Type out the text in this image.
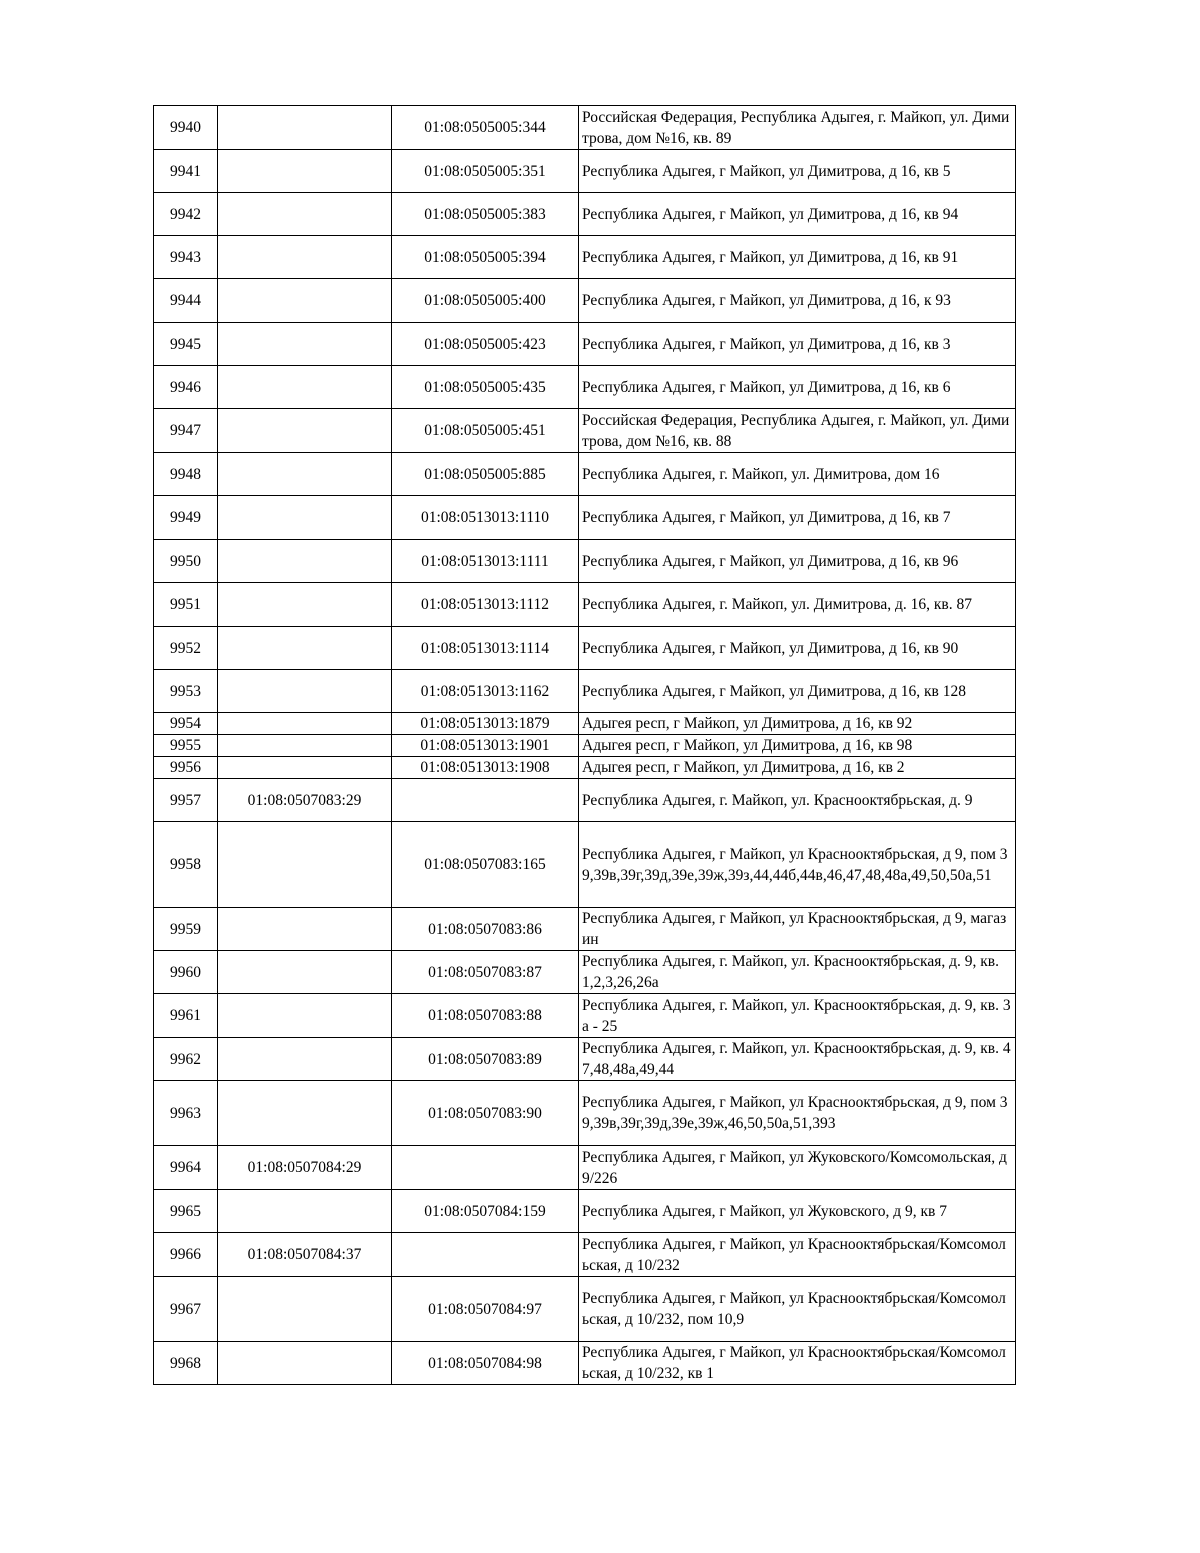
9940		01:08:0505005:344	Российская Федерация, Республика Адыгея, г. Майкоп, ул. Димитрова, дом №16, кв. 89
9941		01:08:0505005:351	Республика Адыгея, г Майкоп, ул Димитрова, д 16, кв 5
9942		01:08:0505005:383	Республика Адыгея, г Майкоп, ул Димитрова, д 16, кв 94
9943		01:08:0505005:394	Республика Адыгея, г Майкоп, ул Димитрова, д 16, кв 91
9944		01:08:0505005:400	Республика Адыгея, г Майкоп, ул Димитрова, д 16, к 93
9945		01:08:0505005:423	Республика Адыгея, г Майкоп, ул Димитрова, д 16, кв 3
9946		01:08:0505005:435	Республика Адыгея, г Майкоп, ул Димитрова, д 16, кв 6
9947		01:08:0505005:451	Российская Федерация, Республика Адыгея, г. Майкоп, ул. Димитрова, дом №16, кв. 88
9948		01:08:0505005:885	Республика Адыгея, г. Майкоп, ул. Димитрова, дом 16
9949		01:08:0513013:1110	Республика Адыгея, г Майкоп, ул Димитрова, д 16, кв 7
9950		01:08:0513013:1111	Республика Адыгея, г Майкоп, ул Димитрова, д 16, кв 96
9951		01:08:0513013:1112	Республика Адыгея, г. Майкоп, ул. Димитрова, д. 16, кв. 87
9952		01:08:0513013:1114	Республика Адыгея, г Майкоп, ул Димитрова, д 16, кв 90
9953		01:08:0513013:1162	Республика Адыгея, г Майкоп, ул Димитрова, д 16, кв 128
9954		01:08:0513013:1879	Адыгея респ, г Майкоп, ул Димитрова, д 16, кв 92
9955		01:08:0513013:1901	Адыгея респ, г Майкоп, ул Димитрова, д 16, кв 98
9956		01:08:0513013:1908	Адыгея респ, г Майкоп, ул Димитрова, д 16, кв 2
9957	01:08:0507083:29		Республика Адыгея, г. Майкоп, ул. Краснооктябрьская, д. 9
9958		01:08:0507083:165	Республика Адыгея, г Майкоп, ул Краснооктябрьская, д 9, пом 39,39в,39г,39д,39е,39ж,39з,44,44б,44в,46,47,48,48а,49,50,50а,51
9959		01:08:0507083:86	Республика Адыгея, г Майкоп, ул Краснооктябрьская, д 9, магазин
9960		01:08:0507083:87	Республика Адыгея, г. Майкоп, ул. Краснооктябрьская, д. 9, кв. 1,2,3,26,26а
9961		01:08:0507083:88	Республика Адыгея, г. Майкоп, ул. Краснооктябрьская, д. 9, кв. 3а - 25
9962		01:08:0507083:89	Республика Адыгея, г. Майкоп, ул. Краснооктябрьская, д. 9, кв. 47,48,48а,49,44
9963		01:08:0507083:90	Республика Адыгея, г Майкоп, ул Краснооктябрьская, д 9, пом 39,39в,39г,39д,39е,39ж,46,50,50а,51,393
9964	01:08:0507084:29		Республика Адыгея, г Майкоп, ул Жуковского/Комсомольская, д 9/226
9965		01:08:0507084:159	Республика Адыгея, г Майкоп, ул Жуковского, д 9, кв 7
9966	01:08:0507084:37		Республика Адыгея, г Майкоп, ул Краснооктябрьская/Комсомольская, д 10/232
9967		01:08:0507084:97	Республика Адыгея, г Майкоп, ул Краснооктябрьская/Комсомольская, д 10/232, пом 10,9
9968		01:08:0507084:98	Республика Адыгея, г Майкоп, ул Краснооктябрьская/Комсомольская, д 10/232, кв 1
